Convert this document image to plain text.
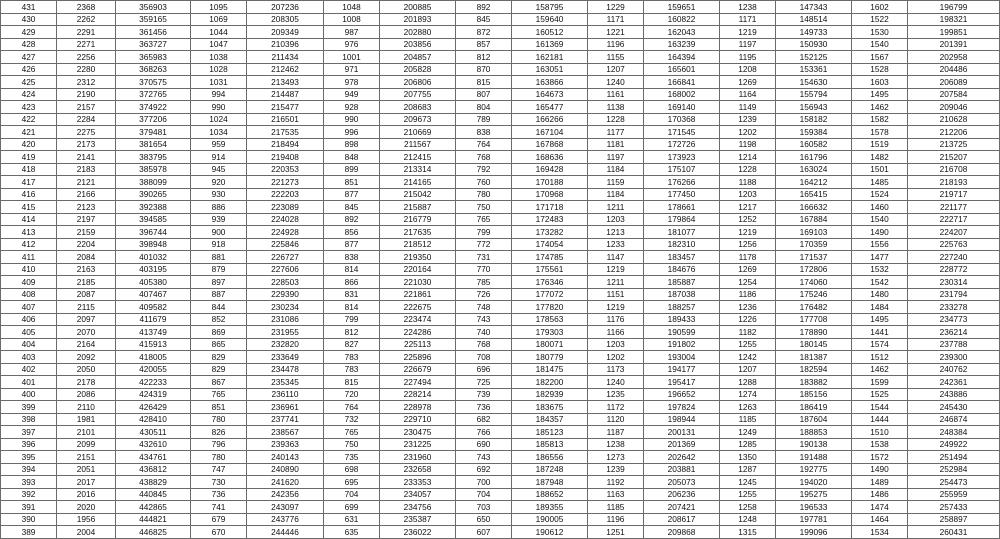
431	2368	356903	1095	207236	1048	200885	892	158795	1229	159651	1238	147343	1602	196799
430	2262	359165	1069	208305	1008	201893	845	159640	1171	160822	1171	148514	1522	198321
429	2291	361456	1044	209349	987	202880	872	160512	1221	162043	1219	149733	1530	199851
428	2271	363727	1047	210396	976	203856	857	161369	1196	163239	1197	150930	1540	201391
427	2256	365983	1038	211434	1001	204857	812	162181	1155	164394	1195	152125	1567	202958
426	2280	368263	1028	212462	971	205828	870	163051	1207	165601	1208	153361	1528	204486
425	2312	370575	1031	213493	978	206806	815	163866	1240	166841	1269	154630	1603	206089
424	2190	372765	994	214487	949	207755	807	164673	1161	168002	1164	155794	1495	207584
423	2157	374922	990	215477	928	208683	804	165477	1138	169140	1149	156943	1462	209046
422	2284	377206	1024	216501	990	209673	789	166266	1228	170368	1239	158182	1582	210628
421	2275	379481	1034	217535	996	210669	838	167104	1177	171545	1202	159384	1578	212206
420	2173	381654	959	218494	898	211567	764	167868	1181	172726	1198	160582	1519	213725
419	2141	383795	914	219408	848	212415	768	168636	1197	173923	1214	161796	1482	215207
418	2183	385978	945	220353	899	213314	792	169428	1184	175107	1228	163024	1501	216708
417	2121	388099	920	221273	851	214165	760	170188	1159	176266	1188	164212	1485	218193
416	2166	390265	930	222203	877	215042	780	170968	1184	177450	1203	165415	1524	219717
415	2123	392388	886	223089	845	215887	750	171718	1211	178661	1217	166632	1460	221177
414	2197	394585	939	224028	892	216779	765	172483	1203	179864	1252	167884	1540	222717
413	2159	396744	900	224928	856	217635	799	173282	1213	181077	1219	169103	1490	224207
412	2204	398948	918	225846	877	218512	772	174054	1233	182310	1256	170359	1556	225763
411	2084	401032	881	226727	838	219350	731	174785	1147	183457	1178	171537	1477	227240
410	2163	403195	879	227606	814	220164	770	175561	1219	184676	1269	172806	1532	228772
409	2185	405380	897	228503	866	221030	785	176346	1211	185887	1254	174060	1542	230314
408	2087	407467	887	229390	831	221861	726	177072	1151	187038	1186	175246	1480	231794
407	2115	409582	844	230234	814	222675	748	177820	1219	188257	1236	176482	1484	233278
406	2097	411679	852	231086	799	223474	743	178563	1176	189433	1226	177708	1495	234773
405	2070	413749	869	231955	812	224286	740	179303	1166	190599	1182	178890	1441	236214
404	2164	415913	865	232820	827	225113	768	180071	1203	191802	1255	180145	1574	237788
403	2092	418005	829	233649	783	225896	708	180779	1202	193004	1242	181387	1512	239300
402	2050	420055	829	234478	783	226679	696	181475	1173	194177	1207	182594	1462	240762
401	2178	422233	867	235345	815	227494	725	182200	1240	195417	1288	183882	1599	242361
400	2086	424319	765	236110	720	228214	739	182939	1235	196652	1274	185156	1525	243886
399	2110	426429	851	236961	764	228978	736	183675	1172	197824	1263	186419	1544	245430
398	1981	428410	780	237741	732	229710	682	184357	1120	198944	1185	187604	1444	246874
397	2101	430511	826	238567	765	230475	766	185123	1187	200131	1249	188853	1510	248384
396	2099	432610	796	239363	750	231225	690	185813	1238	201369	1285	190138	1538	249922
395	2151	434761	780	240143	735	231960	743	186556	1273	202642	1350	191488	1572	251494
394	2051	436812	747	240890	698	232658	692	187248	1239	203881	1287	192775	1490	252984
393	2017	438829	730	241620	695	233353	700	187948	1192	205073	1245	194020	1489	254473
392	2016	440845	736	242356	704	234057	704	188652	1163	206236	1255	195275	1486	255959
391	2020	442865	741	243097	699	234756	703	189355	1185	207421	1258	196533	1474	257433
390	1956	444821	679	243776	631	235387	650	190005	1196	208617	1248	197781	1464	258897
389	2004	446825	670	244446	635	236022	607	190612	1251	209868	1315	199096	1534	260431
